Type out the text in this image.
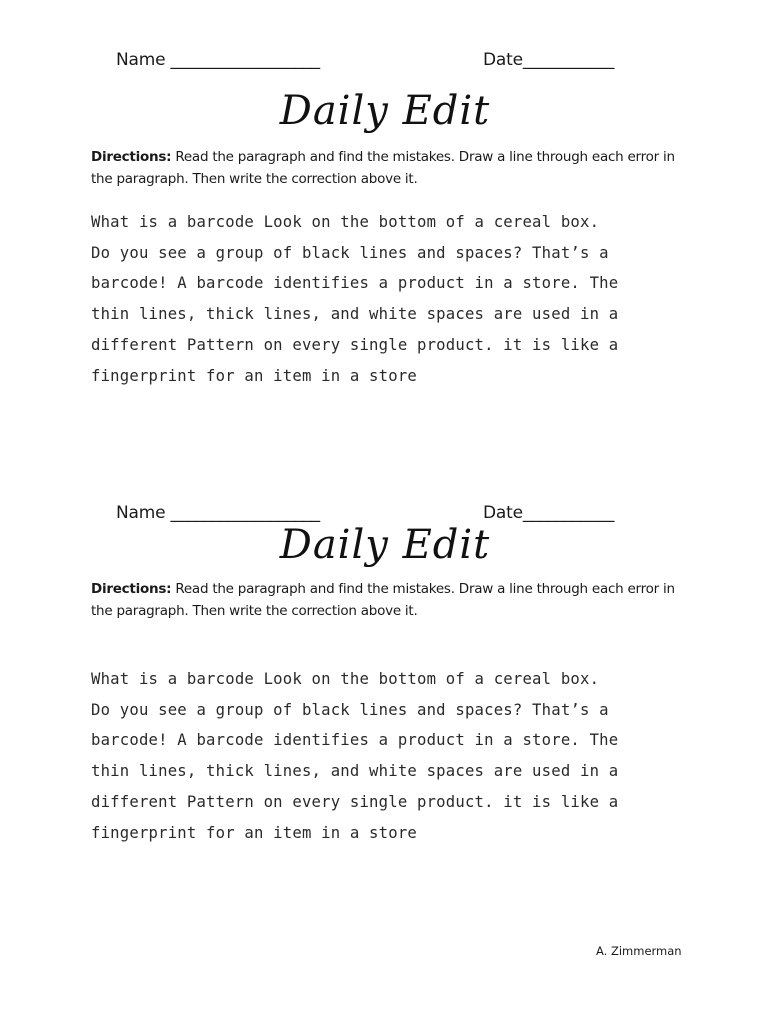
Name __________________	Date___________
Daily Edit
Directions: Read the paragraph and find the mistakes. Draw a line through each error in the paragraph. Then write the correction above it.
What is a barcode Look on the bottom of a cereal box.
Do you see a group of black lines and spaces? That’s a
barcode! A barcode identifies a product in a store. The
thin lines, thick lines, and white spaces are used in a
different Pattern on every single product. it is like a
fingerprint for an item in a store
Name __________________	Date___________
Daily Edit
Directions: Read the paragraph and find the mistakes. Draw a line through each error in the paragraph. Then write the correction above it.
What is a barcode Look on the bottom of a cereal box.
Do you see a group of black lines and spaces? That’s a
barcode! A barcode identifies a product in a store. The
thin lines, thick lines, and white spaces are used in a
different Pattern on every single product. it is like a
fingerprint for an item in a store
A. Zimmerman
